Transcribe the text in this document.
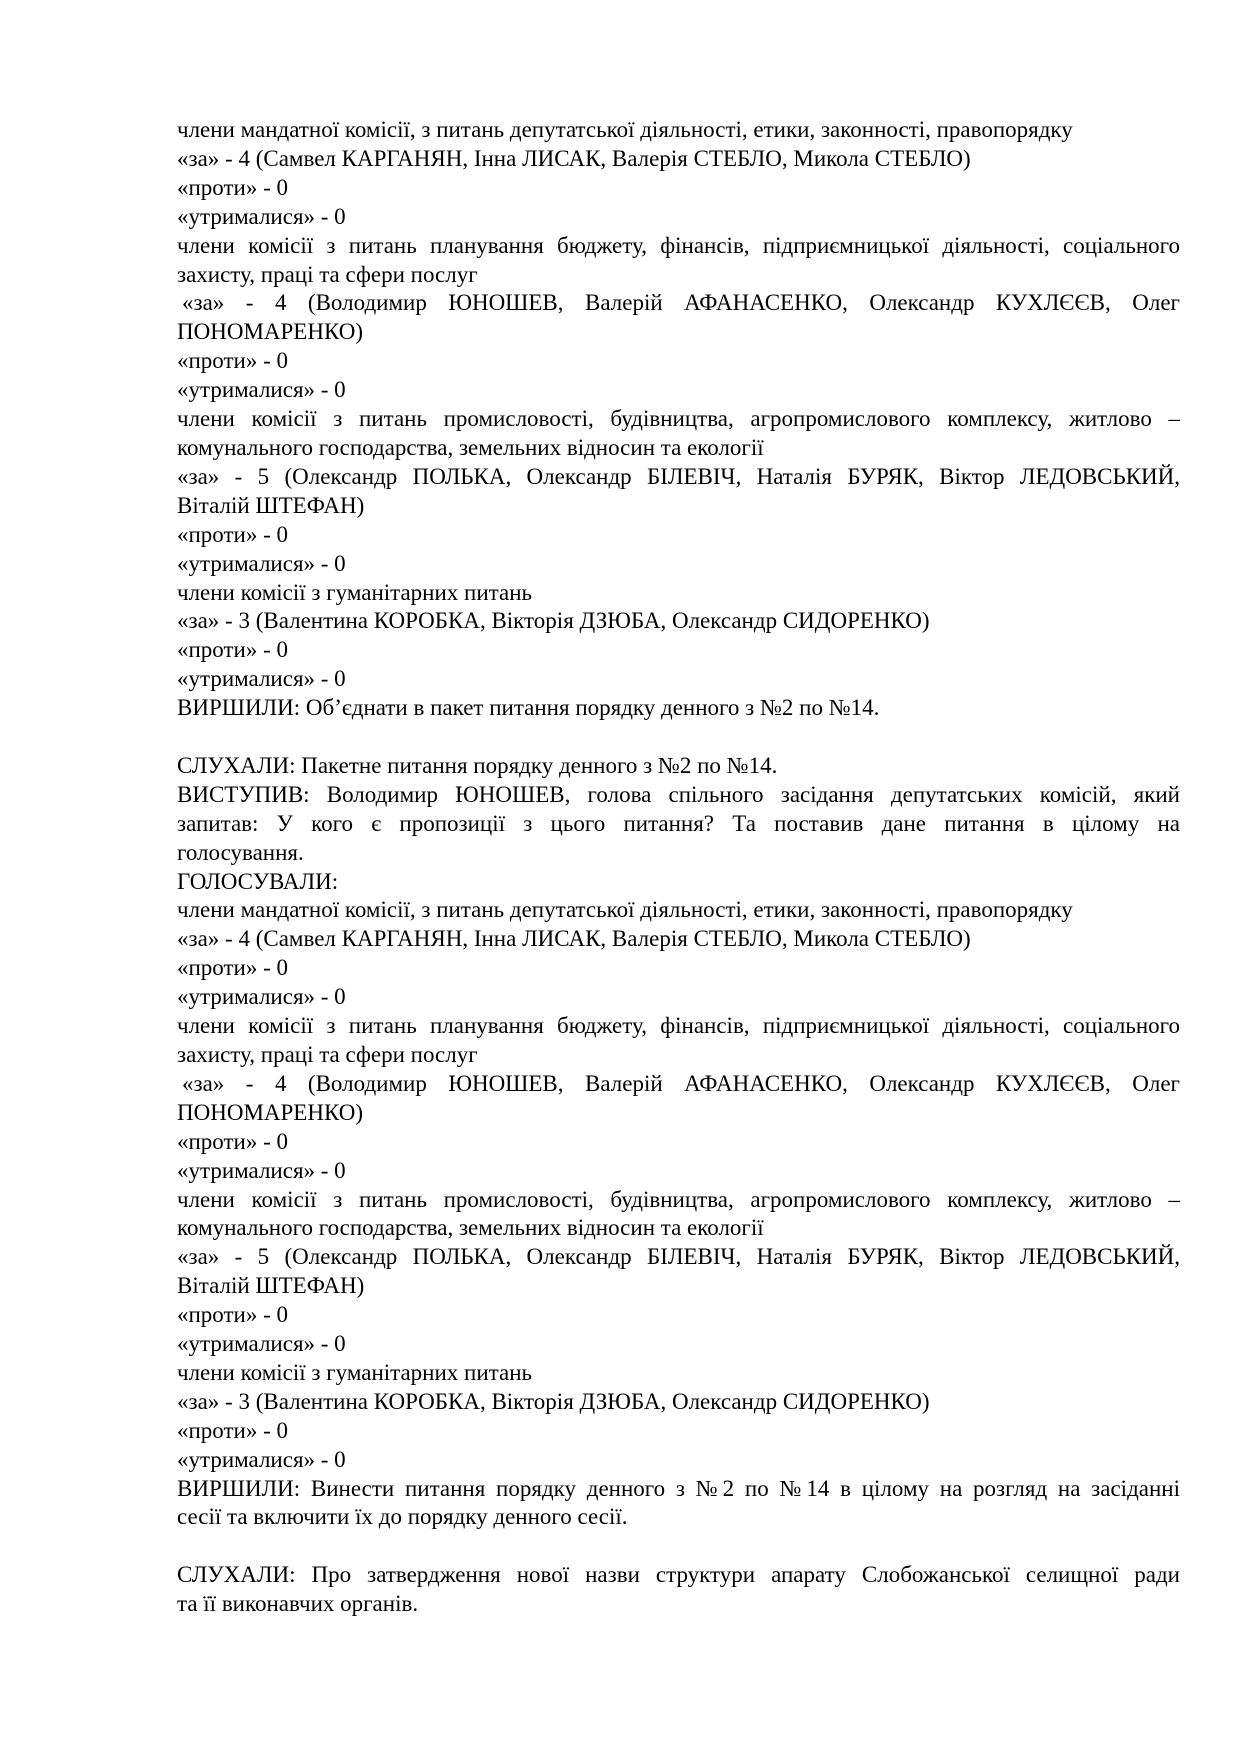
члени мандатної комісії, з питань депутатської діяльності, етики, законності, правопорядку
«за» - 4 (Самвел КАРГАНЯН, Інна ЛИСАК, Валерія СТЕБЛО, Микола СТЕБЛО)
«проти» - 0
«утрималися» - 0
члени комісії з питань планування бюджету, фінансів, підприємницької діяльності, соціального
захисту, праці та сфери послуг
«за» - 4 (Володимир ЮНОШЕВ, Валерій АФАНАСЕНКО, Олександр КУХЛЄЄВ, Олег
ПОНОМАРЕНКО)
«проти» - 0
«утрималися» - 0
члени комісії з питань промисловості, будівництва, агропромислового комплексу, житлово –
комунального господарства, земельних відносин та екології
«за» - 5 (Олександр ПОЛЬКА, Олександр БІЛЕВІЧ, Наталія БУРЯК, Віктор ЛЕДОВСЬКИЙ,
Віталій ШТЕФАН)
«проти» - 0
«утрималися» - 0
члени комісії з гуманітарних питань
«за» - 3 (Валентина КОРОБКА, Вікторія ДЗЮБА, Олександр СИДОРЕНКО)
«проти» - 0
«утрималися» - 0
ВИРШИЛИ: Об’єднати в пакет питання порядку денного з №2 по №14.
СЛУХАЛИ: Пакетне питання порядку денного з №2 по №14.
ВИСТУПИВ: Володимир ЮНОШЕВ, голова спільного засідання депутатських комісій, який
запитав: У кого є пропозиції з цього питання? Та поставив дане питання в цілому на
голосування.
ГОЛОСУВАЛИ:
члени мандатної комісії, з питань депутатської діяльності, етики, законності, правопорядку
«за» - 4 (Самвел КАРГАНЯН, Інна ЛИСАК, Валерія СТЕБЛО, Микола СТЕБЛО)
«проти» - 0
«утрималися» - 0
члени комісії з питань планування бюджету, фінансів, підприємницької діяльності, соціального
захисту, праці та сфери послуг
«за» - 4 (Володимир ЮНОШЕВ, Валерій АФАНАСЕНКО, Олександр КУХЛЄЄВ, Олег
ПОНОМАРЕНКО)
«проти» - 0
«утрималися» - 0
члени комісії з питань промисловості, будівництва, агропромислового комплексу, житлово –
комунального господарства, земельних відносин та екології
«за» - 5 (Олександр ПОЛЬКА, Олександр БІЛЕВІЧ, Наталія БУРЯК, Віктор ЛЕДОВСЬКИЙ,
Віталій ШТЕФАН)
«проти» - 0
«утрималися» - 0
члени комісії з гуманітарних питань
«за» - 3 (Валентина КОРОБКА, Вікторія ДЗЮБА, Олександр СИДОРЕНКО)
«проти» - 0
«утрималися» - 0
ВИРШИЛИ: Винести питання порядку денного з №2 по №14 в цілому на розгляд на засіданні
сесії та включити їх до порядку денного сесії.
СЛУХАЛИ: Про затвердження нової назви структури апарату Слобожанської селищної ради
та її виконавчих органів.
